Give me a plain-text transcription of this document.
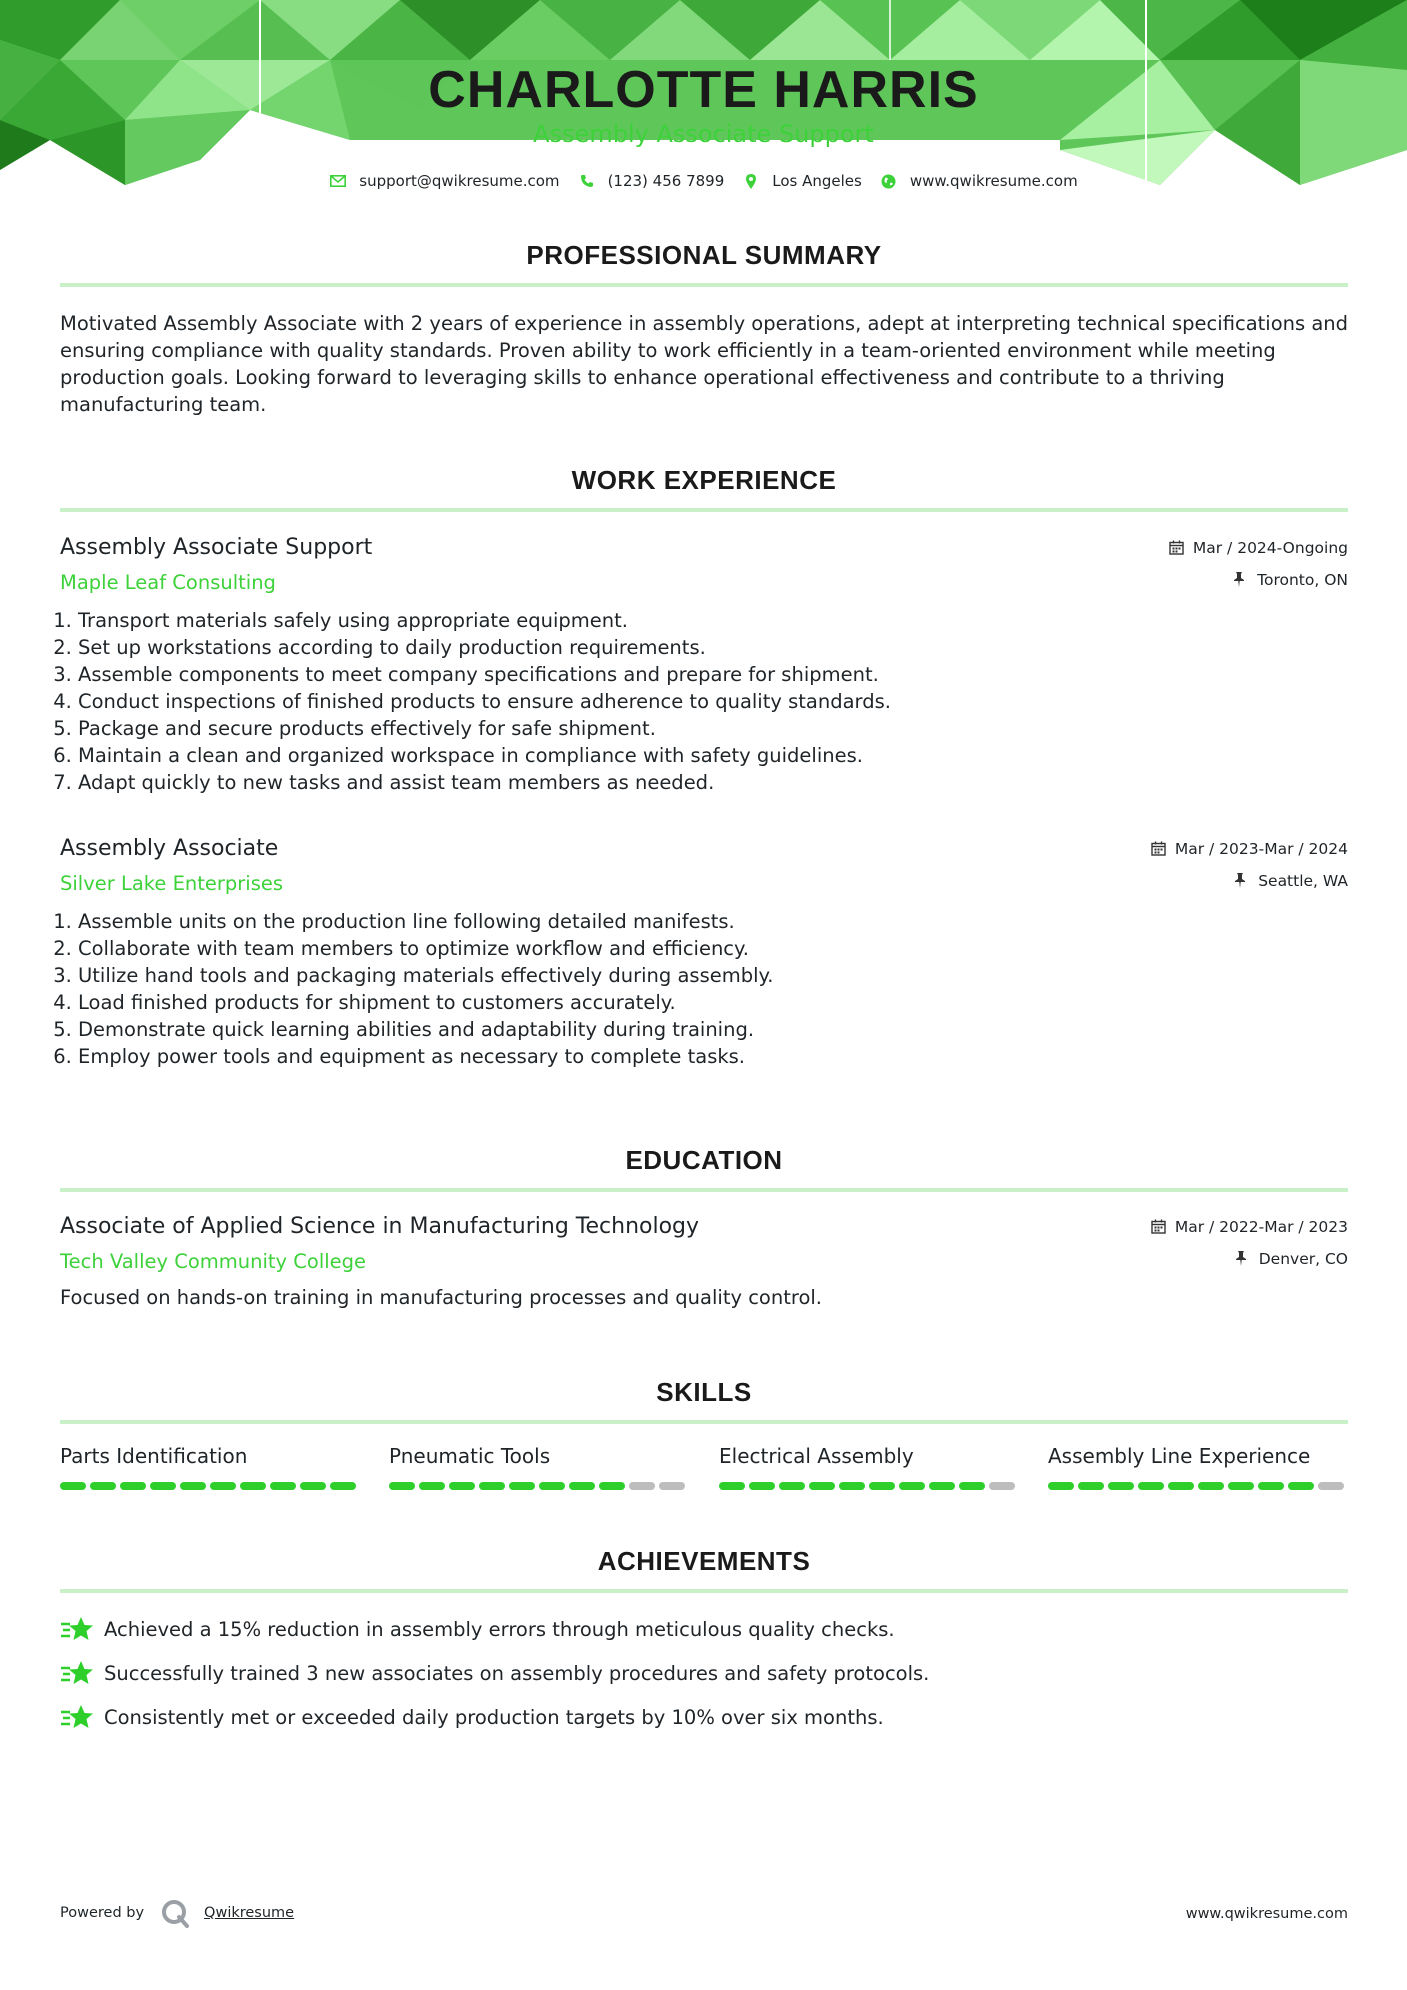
CHARLOTTE HARRIS
Assembly Associate Support
support@qwikresume.com	(123) 456 7899	Los Angeles	www.qwikresume.com
PROFESSIONAL SUMMARY
Motivated Assembly Associate with 2 years of experience in assembly operations, adept at interpreting technical specifications and ensuring compliance with quality standards. Proven ability to work efficiently in a team-oriented environment while meeting production goals. Looking forward to leveraging skills to enhance operational effectiveness and contribute to a thriving manufacturing team.
WORK EXPERIENCE
Assembly Associate Support
Maple Leaf Consulting
Mar / 2024-Ongoing
Toronto, ON
1. Transport materials safely using appropriate equipment.
2. Set up workstations according to daily production requirements.
3. Assemble components to meet company specifications and prepare for shipment.
4. Conduct inspections of finished products to ensure adherence to quality standards.
5. Package and secure products effectively for safe shipment.
6. Maintain a clean and organized workspace in compliance with safety guidelines.
7. Adapt quickly to new tasks and assist team members as needed.
Assembly Associate
Silver Lake Enterprises
Mar / 2023-Mar / 2024
Seattle, WA
1. Assemble units on the production line following detailed manifests.
2. Collaborate with team members to optimize workflow and efficiency.
3. Utilize hand tools and packaging materials effectively during assembly.
4. Load finished products for shipment to customers accurately.
5. Demonstrate quick learning abilities and adaptability during training.
6. Employ power tools and equipment as necessary to complete tasks.
EDUCATION
Associate of Applied Science in Manufacturing Technology
Tech Valley Community College
Mar / 2022-Mar / 2023
Denver, CO
Focused on hands-on training in manufacturing processes and quality control.
SKILLS
Parts Identification	Pneumatic Tools	Electrical Assembly	Assembly Line Experience
ACHIEVEMENTS
Achieved a 15% reduction in assembly errors through meticulous quality checks.
Successfully trained 3 new associates on assembly procedures and safety protocols.
Consistently met or exceeded daily production targets by 10% over six months.
Powered by	Qwikresume	www.qwikresume.com
